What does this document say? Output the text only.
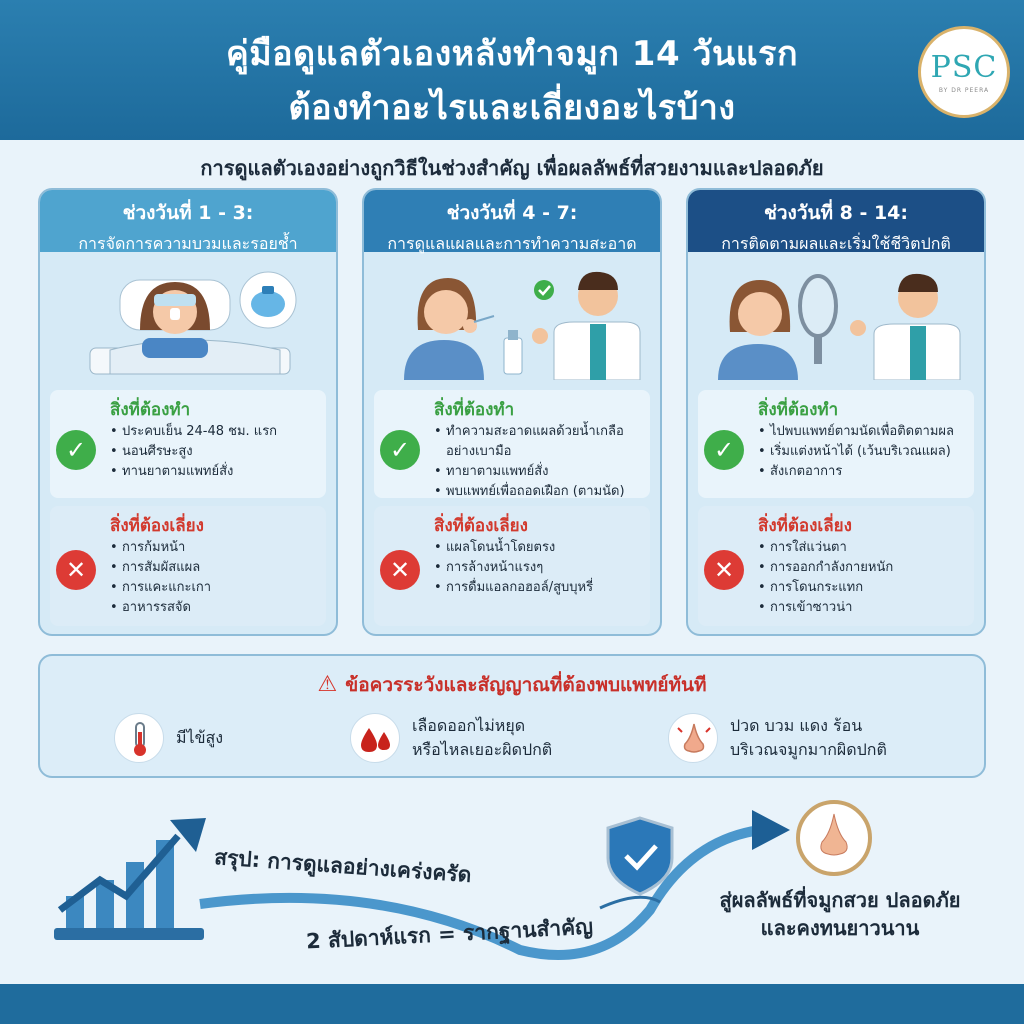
คู่มือดูแลตัวเองหลังทำจมูก 14 วันแรก
ต้องทำอะไรและเลี่ยงอะไรบ้าง
PSC
BY DR PEERA
การดูแลตัวเองอย่างถูกวิธีในช่วงสำคัญ เพื่อผลลัพธ์ที่สวยงามและปลอดภัย
ช่วงวันที่ 1 - 3:
การจัดการความบวมและรอยช้ำ
สิ่งที่ต้องทำ
✓
• ประคบเย็น 24-48 ชม. แรก
• นอนศีรษะสูง
• ทานยาตามแพทย์สั่ง
สิ่งที่ต้องเลี่ยง
✕
• การก้มหน้า
• การสัมผัสแผล
• การแคะแกะเกา
• อาหารรสจัด
ช่วงวันที่ 4 - 7:
การดูแลแผลและการทำความสะอาด
สิ่งที่ต้องทำ
✓
• ทำความสะอาดแผลด้วยน้ำเกลืออย่างเบามือ
• ทายาตามแพทย์สั่ง
• พบแพทย์เพื่อถอดเฝือก (ตามนัด)
สิ่งที่ต้องเลี่ยง
✕
• แผลโดนน้ำโดยตรง
• การล้างหน้าแรงๆ
• การดื่มแอลกอฮอล์/สูบบุหรี่
ช่วงวันที่ 8 - 14:
การติดตามผลและเริ่มใช้ชีวิตปกติ
สิ่งที่ต้องทำ
✓
• ไปพบแพทย์ตามนัดเพื่อติดตามผล
• เริ่มแต่งหน้าได้ (เว้นบริเวณแผล)
• สังเกตอาการ
สิ่งที่ต้องเลี่ยง
✕
• การใส่แว่นตา
• การออกกำลังกายหนัก
• การโดนกระแทก
• การเข้าซาวน่า
⚠ ข้อควรระวังและสัญญาณที่ต้องพบแพทย์ทันที
มีไข้สูง
เลือดออกไม่หยุด
หรือไหลเยอะผิดปกติ
ปวด บวม แดง ร้อน
บริเวณจมูกมากผิดปกติ
สรุป: การดูแลอย่างเคร่งครัด
2 สัปดาห์แรก = รากฐานสำคัญ
สู่ผลลัพธ์ที่จมูกสวย ปลอดภัย
และคงทนยาวนาน
